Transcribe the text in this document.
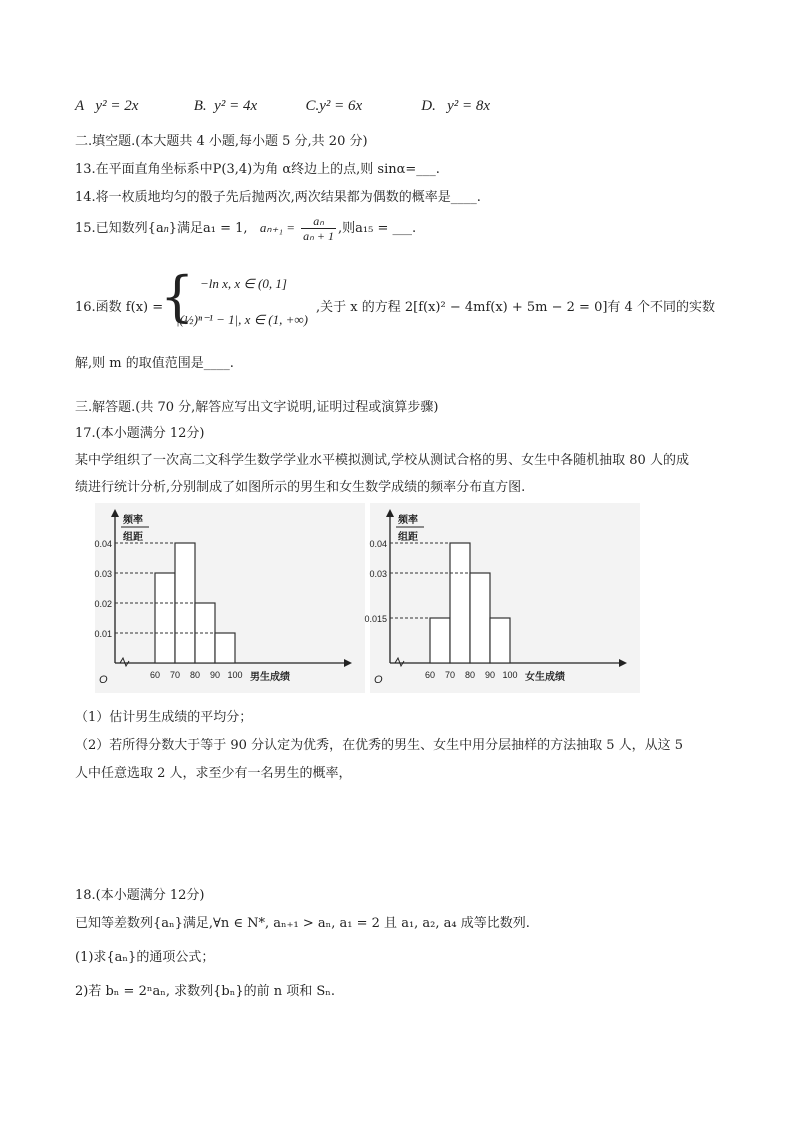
A y² = 2x	B. y² = 4x	C.y² = 6x	D. y² = 8x
二.填空题.(本大题共 4 小题,每小题 5 分,共 20 分)
13.在平面直角坐标系中P(3,4)为角 α终边上的点,则 sinα=___.
14.将一枚质地均匀的骰子先后抛两次,两次结果都为偶数的概率是____.
15.已知数列{an}满足a₁ = 1, $a_{n+1} = \frac{\text{aₙ}}{\text{aₙ + 1}}$ ,则a₁₅ = ___.
16.函数 f(x) =
{ −ln x, x ∈ (0, 1]
|(½)ⁿ⁻¹ − 1|, x ∈ (1, +∞)
,关于 x 的方程 2[f(x)² − 4mf(x) + 5m − 2 = 0]有 4 个不同的实数
解,则 m 的取值范围是____.
三.解答题.(共 70 分,解答应写出文字说明,证明过程或演算步骤)
17.(本小题满分 12分)
某中学组织了一次高二文科学生数学学业水平模拟测试,学校从测试合格的男、女生中各随机抽取 80 人的成
绩进行统计分析,分别制成了如图所示的男生和女生数学成绩的频率分布直方图.
O
频率
组距
0.04
0.03
0.02
0.01
60 70 80 90 100 男生成绩	O
频率
组距
0.04
0.03
0.015
60 70 80 90 100 女生成绩
（1）估计男生成绩的平均分；
（2）若所得分数大于等于 90 分认定为优秀，在优秀的男生、女生中用分层抽样的方法抽取 5 人，从这 5
人中任意选取 2 人，求至少有一名男生的概率，
18.(本小题满分 12分)
已知等差数列{aₙ}满足,∀n ∈ N*, aₙ₊₁ > aₙ, a₁ = 2 且 a₁, a₂, a₄ 成等比数列.
(1)求{aₙ}的通项公式；
2)若 bₙ = 2ⁿaₙ, 求数列{bₙ}的前 n 项和 Sₙ.
